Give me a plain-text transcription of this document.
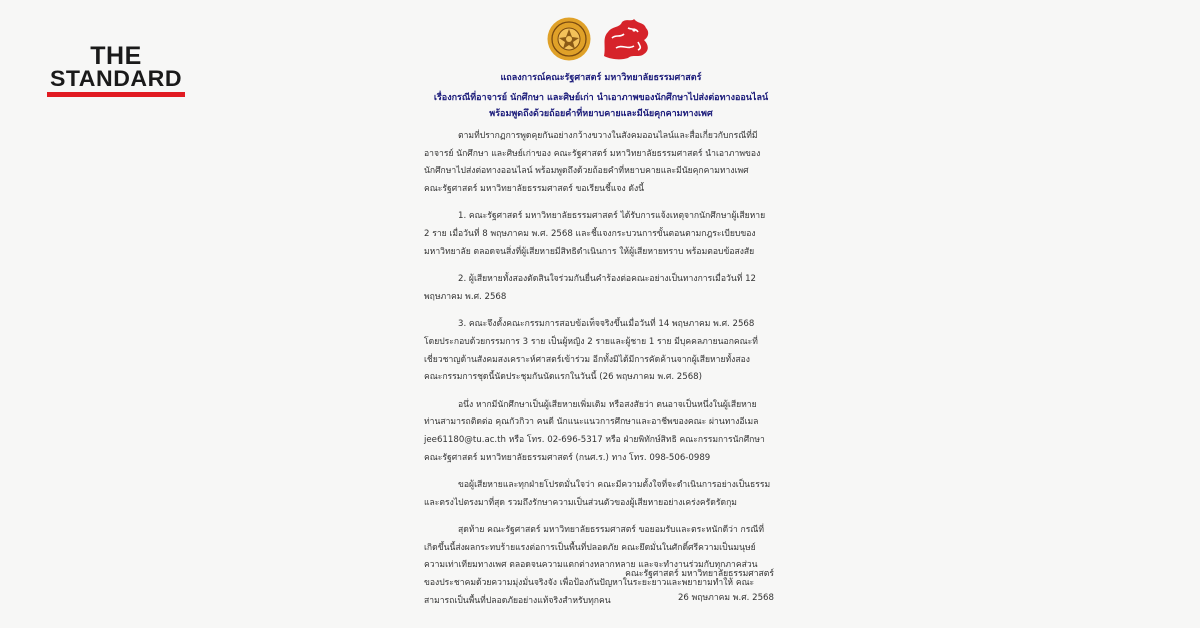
THE
STANDARD	แถลงการณ์คณะรัฐศาสตร์ มหาวิทยาลัยธรรมศาสตร์
เรื่องกรณีที่อาจารย์ นักศึกษา และศิษย์เก่า นำเอาภาพของนักศึกษาไปส่งต่อทางออนไลน์
พร้อมพูดถึงด้วยถ้อยคำที่หยาบคายและมีนัยคุกคามทางเพศ
ตามที่ปรากฏการพูดคุยกันอย่างกว้างขวางในสังคมออนไลน์และสื่อเกี่ยวกับกรณีที่มี
อาจารย์ นักศึกษา และศิษย์เก่าของ คณะรัฐศาสตร์ มหาวิทยาลัยธรรมศาสตร์ นำเอาภาพของ
นักศึกษาไปส่งต่อทางออนไลน์ พร้อมพูดถึงด้วยถ้อยคำที่หยาบคายและมีนัยคุกคามทางเพศ
คณะรัฐศาสตร์ มหาวิทยาลัยธรรมศาสตร์ ขอเรียนชี้แจง ดังนี้
1. คณะรัฐศาสตร์ มหาวิทยาลัยธรรมศาสตร์ ได้รับการแจ้งเหตุจากนักศึกษาผู้เสียหาย
2 ราย เมื่อวันที่ 8 พฤษภาคม พ.ศ. 2568 และชี้แจงกระบวนการขั้นตอนตามกฎระเบียบของ
มหาวิทยาลัย ตลอดจนสิ่งที่ผู้เสียหายมีสิทธิดำเนินการ ให้ผู้เสียหายทราบ พร้อมตอบข้อสงสัย
2. ผู้เสียหายทั้งสองตัดสินใจร่วมกันยื่นคำร้องต่อคณะอย่างเป็นทางการเมื่อวันที่ 12
พฤษภาคม พ.ศ. 2568
3. คณะจึงตั้งคณะกรรมการสอบข้อเท็จจริงขึ้นเมื่อวันที่ 14 พฤษภาคม พ.ศ. 2568
โดยประกอบด้วยกรรมการ 3 ราย เป็นผู้หญิง 2 รายและผู้ชาย 1 ราย มีบุคคลภายนอกคณะที่
เชี่ยวชาญด้านสังคมสงเคราะห์ศาสตร์เข้าร่วม อีกทั้งมิได้มีการคัดค้านจากผู้เสียหายทั้งสอง
คณะกรรมการชุดนี้นัดประชุมกันนัดแรกในวันนี้ (26 พฤษภาคม พ.ศ. 2568)
อนึ่ง หากมีนักศึกษาเป็นผู้เสียหายเพิ่มเติม หรือสงสัยว่า ตนอาจเป็นหนึ่งในผู้เสียหาย
ท่านสามารถติดต่อ คุณกัวกิวา คนดี นักแนะแนวการศึกษาและอาชีพของคณะ ผ่านทางอีเมล
jee61180@tu.ac.th หรือ โทร. 02-696-5317 หรือ ฝ่ายพิทักษ์สิทธิ คณะกรรมการนักศึกษา
คณะรัฐศาสตร์ มหาวิทยาลัยธรรมศาสตร์ (กนศ.ร.) ทาง โทร. 098-506-0989
ขอผู้เสียหายและทุกฝ่ายโปรดมั่นใจว่า คณะมีความตั้งใจที่จะดำเนินการอย่างเป็นธรรม
และตรงไปตรงมาที่สุด รวมถึงรักษาความเป็นส่วนตัวของผู้เสียหายอย่างเคร่งครัดรัดกุม
สุดท้าย คณะรัฐศาสตร์ มหาวิทยาลัยธรรมศาสตร์ ขอยอมรับและตระหนักดีว่า กรณีที่
เกิดขึ้นนี้ส่งผลกระทบร้ายแรงต่อการเป็นพื้นที่ปลอดภัย คณะยึดมั่นในศักดิ์ศรีความเป็นมนุษย์
ความเท่าเทียมทางเพศ ตลอดจนความแตกต่างหลากหลาย และจะทำงานร่วมกับทุกภาคส่วน
ของประชาคมด้วยความมุ่งมั่นจริงจัง เพื่อป้องกันปัญหาในระยะยาวและพยายามทำให้ คณะ
สามารถเป็นพื้นที่ปลอดภัยอย่างแท้จริงสำหรับทุกคน
คณะรัฐศาสตร์ มหาวิทยาลัยธรรมศาสตร์
26 พฤษภาคม พ.ศ. 2568
